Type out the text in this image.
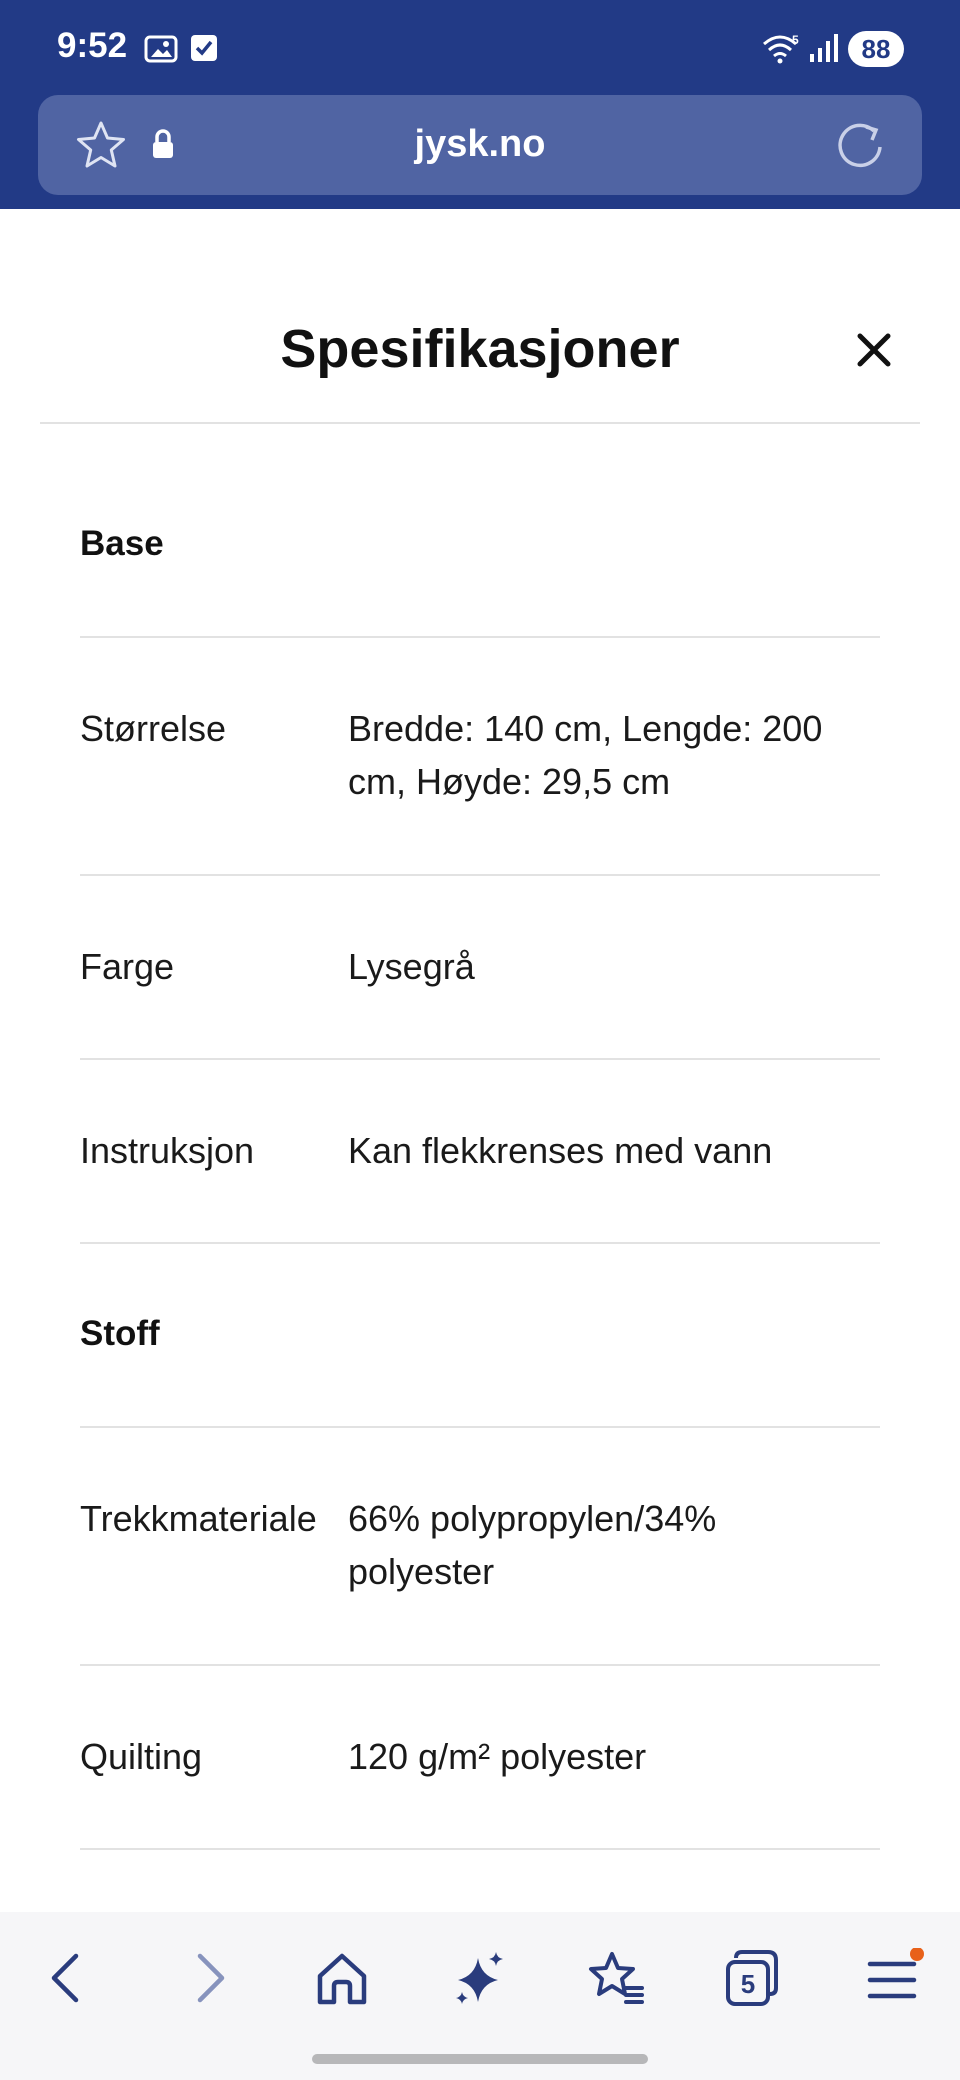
9:52	5	88
jysk.no
Spesifikasjoner
Base
Størrelse	Bredde: 140 cm, Lengde: 200
cm, Høyde: 29,5 cm
Farge	Lysegrå
Instruksjon	Kan flekkrenses med vann
Stoff
Trekkmateriale 66% polypropylen/34%
polyester
Quilting	120 g/m² polyester
5
